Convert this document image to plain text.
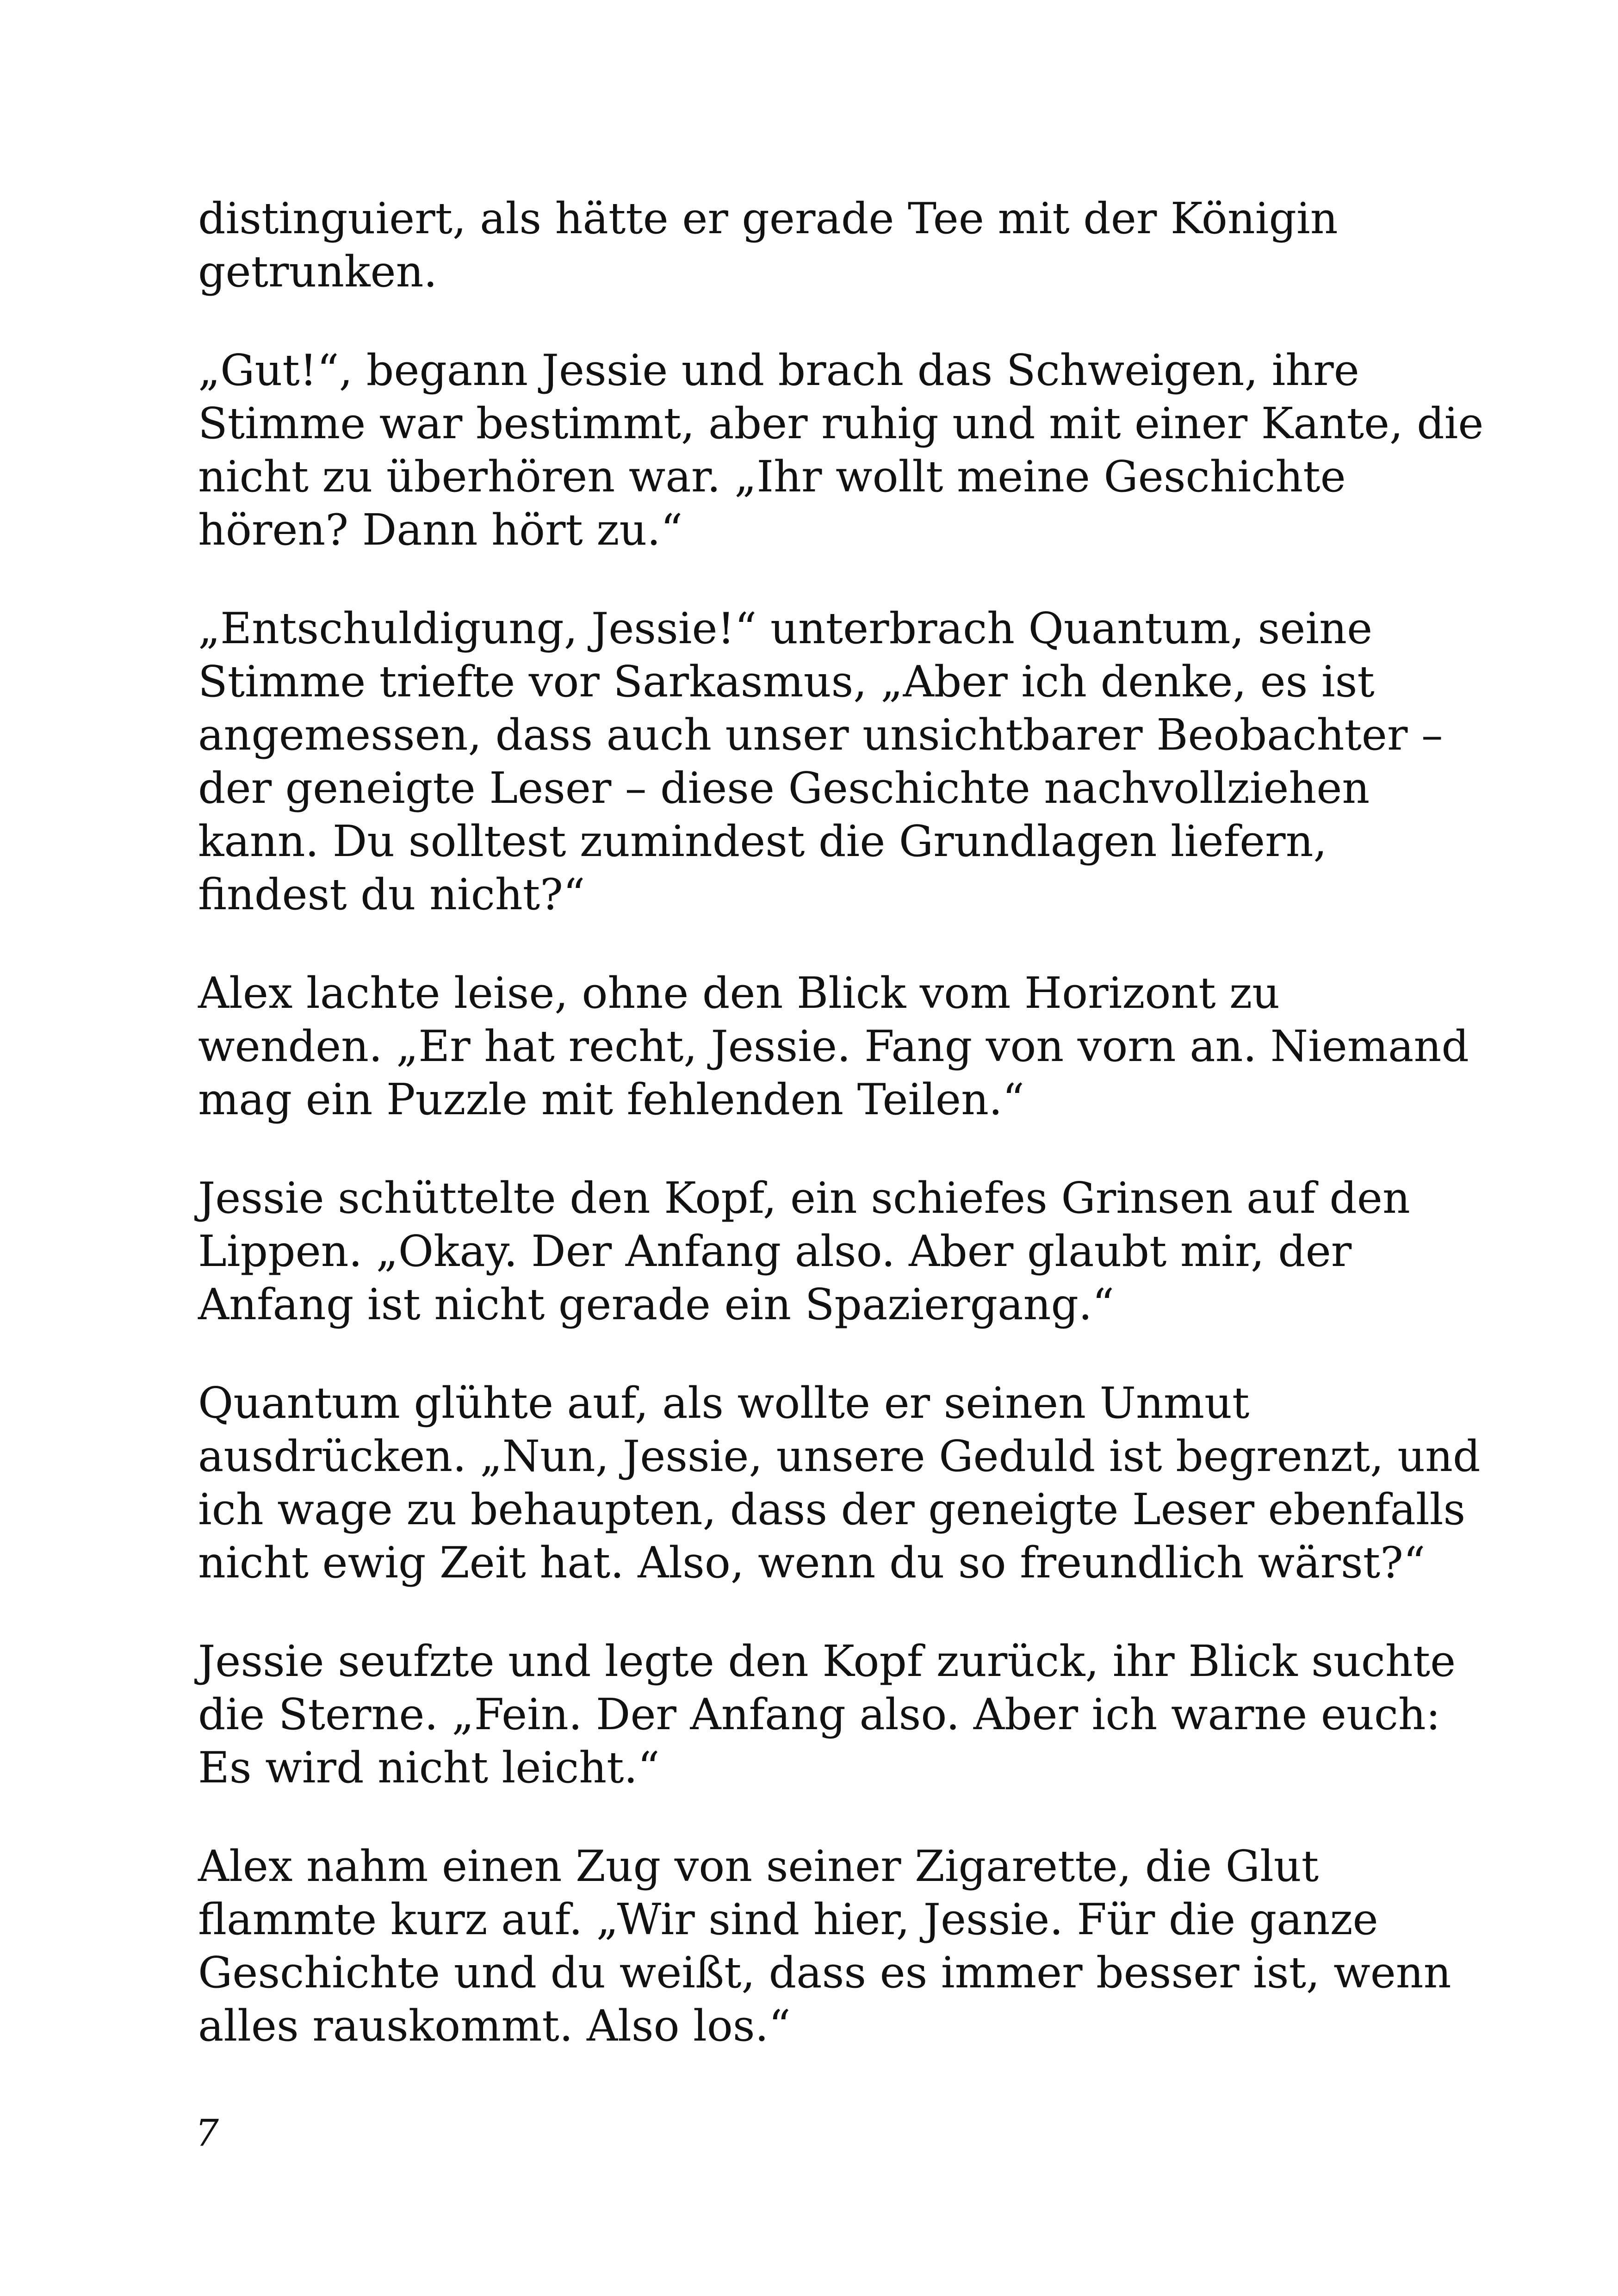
distinguiert, als hätte er gerade Tee mit der Königin
getrunken.

„Gut!“, begann Jessie und brach das Schweigen, ihre
Stimme war bestimmt, aber ruhig und mit einer Kante, die
nicht zu überhören war. „Ihr wollt meine Geschichte
hören? Dann hört zu.“

„Entschuldigung, Jessie!“ unterbrach Quantum, seine
Stimme triefte vor Sarkasmus, „Aber ich denke, es ist
angemessen, dass auch unser unsichtbarer Beobachter –
der geneigte Leser – diese Geschichte nachvollziehen
kann. Du solltest zumindest die Grundlagen liefern,
findest du nicht?“

Alex lachte leise, ohne den Blick vom Horizont zu
wenden. „Er hat recht, Jessie. Fang von vorn an. Niemand
mag ein Puzzle mit fehlenden Teilen.“

Jessie schüttelte den Kopf, ein schiefes Grinsen auf den
Lippen. „Okay. Der Anfang also. Aber glaubt mir, der
Anfang ist nicht gerade ein Spaziergang.“

Quantum glühte auf, als wollte er seinen Unmut
ausdrücken. „Nun, Jessie, unsere Geduld ist begrenzt, und
ich wage zu behaupten, dass der geneigte Leser ebenfalls
nicht ewig Zeit hat. Also, wenn du so freundlich wärst?“

Jessie seufzte und legte den Kopf zurück, ihr Blick suchte
die Sterne. „Fein. Der Anfang also. Aber ich warne euch:
Es wird nicht leicht.“

Alex nahm einen Zug von seiner Zigarette, die Glut
flammte kurz auf. „Wir sind hier, Jessie. Für die ganze
Geschichte und du weißt, dass es immer besser ist, wenn
alles rauskommt. Also los.“

7
